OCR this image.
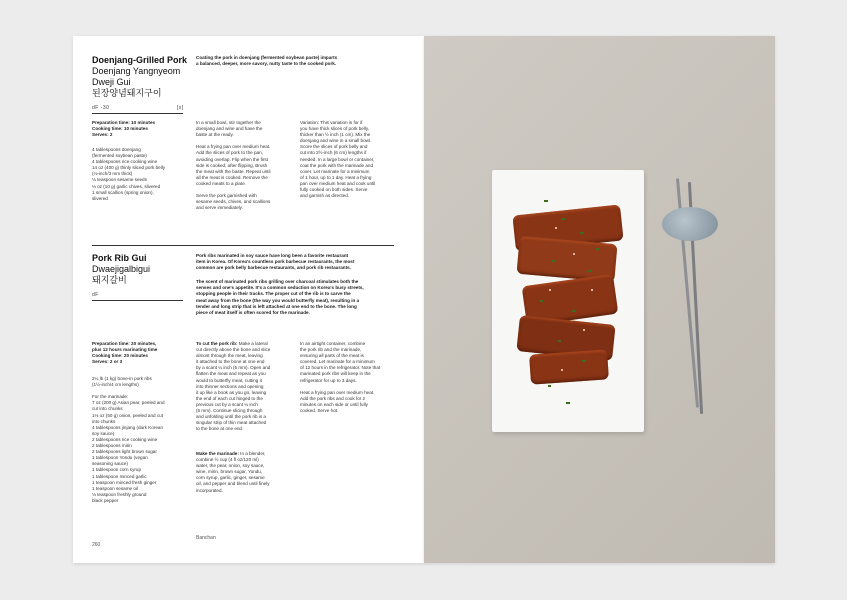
Doenjang-Grilled Pork
Doenjang Yangnyeom
Dweji Gui
된장양념돼지구이
dF -30	[x]
Coating the pork in doenjang (fermented soybean paste) imparts
a balanced, deeper, more savory, nutty taste to the cooked pork.
Preparation time: 10 minutes
Cooking time: 10 minutes
Serves: 2
4 tablespoons doenjang
(fermented soybean paste)
4 tablespoons rice cooking wine
14 oz (400 g) thinly sliced pork belly
(⅛-inch/3 mm thick)
⅛ teaspoon sesame seeds
⅓ oz (10 g) garlic chives, slivered
1 small scallion (spring onion),
slivered
In a small bowl, stir together the
doenjang and wine and have the
baste at the ready.

Heat a frying pan over medium heat.
Add the slices of pork to the pan,
avoiding overlap. Flip when the first
side is cooked; after flipping, Brush
the meat with the baste. Repeat until
all the meat is cooked. Remove the
cooked meats to a plate.

Serve the pork garnished with
sesame seeds, chives, and scallions
and serve immediately.
Variation: This variation is for if
you have thick slices of pork belly,
thicker than ½ inch (1 cm). Mix the
doenjang and wine in a small bowl.
Score the slices of pork belly and
cut into 2½-inch (6 cm) lengths if
needed. In a large bowl or container,
coat the pork with the marinade and
cover. Let marinate for a minimum
of 1 hour, up to 1 day. Heat a frying
pan over medium heat and cook until
fully cooked on both sides. Serve
and garnish as directed.
Pork Rib Gui
Dwaejigalbigui
돼지갈비
dF
Pork ribs marinated in soy sauce have long been a favorite restaurant
item in Korea. Of Korea's countless pork barbecue restaurants, the most
common are pork belly barbecue restaurants, and pork rib restaurants.
The scent of marinated pork ribs grilling over charcoal stimulates both the
senses and one's appetite. It's a common seduction on Korea's busy streets,
stopping people in their tracks. The proper cut of the rib is to carve the
meat away from the bone (the way you would butterfly meat), resulting in a
tender and long strip that is left attached at one end to the bone. The long
piece of meat itself is often scored for the marinade.
Preparation time: 20 minutes,
plus 12 hours marinating time
Cooking time: 20 minutes
Serves: 2 or 3
2¼ lb (1 kg) bone-in pork ribs
(1½-inch/4 cm lengths)

For the marinade:
7 oz (200 g) Asian pear, peeled and
cut into chunks
1⅓ oz (50 g) onion, peeled and cut
into chunks
4 tablespoons jinjang (dark Korean
soy sauce)
2 tablespoons rice cooking wine
2 tablespoons mirin
2 tablespoons light brown sugar
1 tablespoon Yondu (vegan
seasoning sauce)
1 tablespoon corn syrup
1 tablespoon minced garlic
1 teaspoon minced fresh ginger
1 teaspoon sesame oil
⅛ teaspoon freshly ground
black pepper
To cut the pork rib: Make a lateral
cut directly above the bone and slice
almost through the meat, leaving
it attached to the bone at one end
by a scant ¼ inch (5 mm). Open and
flatten the meat and repeat as you
would to butterfly meat, cutting it
into thinner sections and opening
it up like a book as you go, leaving
the end of each cut hinged to the
previous cut by a scant ¼ inch
(5 mm). Continue slicing through
and unfolding until the pork rib is a
singular strip of thin meat attached
to the bone at one end.
Make the marinade: In a blender,
combine ½ cup (4 fl oz/120 ml)
water, the pear, onion, soy sauce,
wine, mirin, brown sugar, Yondu,
corn syrup, garlic, ginger, sesame
oil, and pepper and blend until finely
incorporated.
In an airtight container, combine
the pork rib and the marinade,
ensuring all parts of the meat is
covered. Let marinate for a minimum
of 12 hours in the refrigerator. Note that
marinated pork ribs will keep in the
refrigerator for up to 3 days.

Heat a frying pan over medium heat.
Add the pork ribs and cook for 2
minutes on each side or until fully
cooked. Serve hot.
260
Banchan
